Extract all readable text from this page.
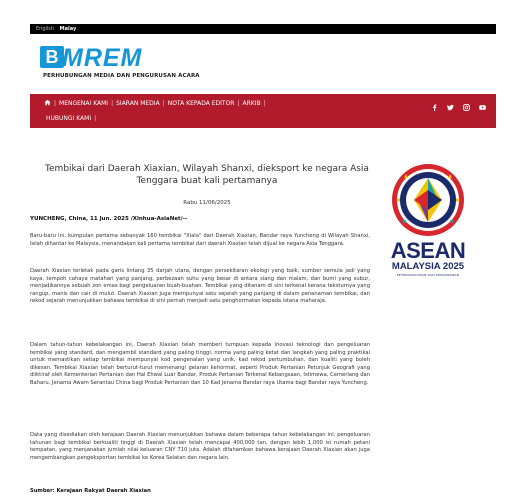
English Malay
B MREM
PERHUBUNGAN MEDIA DAN PENGURUSAN ACARA
| MENGENAI KAMI | SIARAN MEDIA | NOTA KEPADA EDITOR | ARKIB |
HUBUNGI KAMI |
Tembikai dari Daerah Xiaxian, Wilayah Shanxi, dieksport ke negara Asia Tenggara buat kali pertamanya
Rabu 11/06/2025
YUNCHENG, China, 11 Jun. 2025 /Xinhua-AsiaNet/--

Baru-baru ini, kumpulan pertama sebanyak 160 tembikai "Xiala" dari Daerah Xiaxian, Bandar raya Yuncheng di Wilayah Shanxi, telah dihantar ke Malaysia, menandakan kali pertama tembikai dari daerah Xiaxian telah dijual ke negara Asia Tenggara.

Daerah Xiaxian terletak pada garis lintang 35 darjah utara, dengan persekitaran ekologi yang baik, sumber semula jadi yang kaya, tempoh cahaya matahari yang panjang, perbezaan suhu yang besar di antara siang dan malam, dan bumi yang subur, menjadikannya sebuah zon emas bagi pengeluaran buah-buahan. Tembikai yang ditanam di sini terkenal kerana teksturnya yang rangup, manis dan cair di mulut. Daerah Xiaxian juga mempunyai satu sejarah yang panjang di dalam penanaman tembikai, dan rekod sejarah menunjukkan bahawa tembikai di sini pernah menjadi satu penghormatan kepada istana maharaja.

Dalam tahun-tahun kebelakangan ini, Daerah Xiaxian telah memberi tumpuan kepada inovasi teknologi dan pengeluaran tembikai yang standard, dan mengambil standard yang paling tinggi, norma yang paling ketat dan langkah yang paling praktikal untuk memastikan setiap tembikai mempunyai kod pengenalan yang unik, kad rekod pertumbuhan, dan kualiti yang boleh dikesan. Tembikai Xiaxian telah berturut-turut memenangi gelaran kehormat, seperti Produk Pertanian Petunjuk Geografi yang diiktiraf oleh Kementerian Pertanian dan Hal Ehwal Luar Bandar, Produk Pertanian Terkenal Kebangsaan, Istimewa, Cemerlang dan Baharu, Jenama Awam Serantau China bagi Produk Pertanian dan 10 Kad Jenama Bandar raya Utama bagi Bandar raya Yuncheng.

Data yang disediakan oleh kerajaan Daerah Xiaxian menunjukkan bahawa dalam beberapa tahun kebelakangan ini, pengeluaran tahunan bagi tembikai berkualiti tinggi di Daerah Xiaxian telah mencapai 400,000 tan, dengan lebih 1,000 isi rumah petani tempatan, yang menjanakan jumlah nilai keluaran CNY 710 juta. Adalah difahamkan bahawa kerajaan Daerah Xiaxian akan juga mengembangkan pengeksportan tembikai ke Korea Selatan dan negara lain.

Sumber: Kerajaan Rakyat Daerah Xiaxian
ASEAN
MALAYSIA 2025
KETERANGKUMAN DAN KEMAMPANAN
